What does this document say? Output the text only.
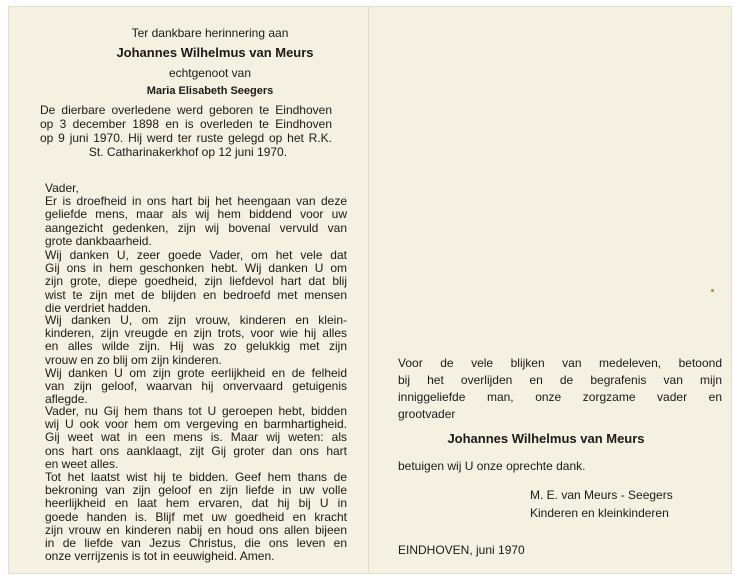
Ter dankbare herinnering aan
Johannes Wilhelmus van Meurs
echtgenoot van
Maria Elisabeth Seegers
De dierbare overledene werd geboren te Eindhoven
op 3 december 1898 en is overleden te Eindhoven
op 9 juni 1970. Hij werd ter ruste gelegd op het R.K.
St. Catharinakerkhof op 12 juni 1970.
Vader,
Er is droefheid in ons hart bij het heengaan van deze
geliefde mens, maar als wij hem biddend voor uw
aangezicht gedenken, zijn wij bovenal vervuld van
grote dankbaarheid.
Wij danken U, zeer goede Vader, om het vele dat
Gij ons in hem geschonken hebt. Wij danken U om
zijn grote, diepe goedheid, zijn liefdevol hart dat blij
wist te zijn met de blijden en bedroefd met mensen
die verdriet hadden.
Wij danken U, om zijn vrouw, kinderen en klein-
kinderen, zijn vreugde en zijn trots, voor wie hij alles
en alles wilde zijn. Hij was zo gelukkig met zijn
vrouw en zo blij om zijn kinderen.
Wij danken U om zijn grote eerlijkheid en de felheid
van zijn geloof, waarvan hij onvervaard getuigenis
aflegde.
Vader, nu Gij hem thans tot U geroepen hebt, bidden
wij U ook voor hem om vergeving en barmhartigheid.
Gij weet wat in een mens is. Maar wij weten: als
ons hart ons aanklaagt, zijt Gij groter dan ons hart
en weet alles.
Tot het laatst wist hij te bidden. Geef hem thans de
bekroning van zijn geloof en zijn liefde in uw volle
heerlijkheid en laat hem ervaren, dat hij bij U in
goede handen is. Blijf met uw goedheid en kracht
zijn vrouw en kinderen nabij en houd ons allen bijeen
in de liefde van Jezus Christus, die ons leven en
onze verrijzenis is tot in eeuwigheid. Amen.
Voor de vele blijken van medeleven, betoond
bij het overlijden en de begrafenis van mijn
inniggeliefde man, onze zorgzame vader en
grootvader
Johannes Wilhelmus van Meurs
betuigen wij U onze oprechte dank.
M. E. van Meurs - Seegers
Kinderen en kleinkinderen
EINDHOVEN, juni 1970
